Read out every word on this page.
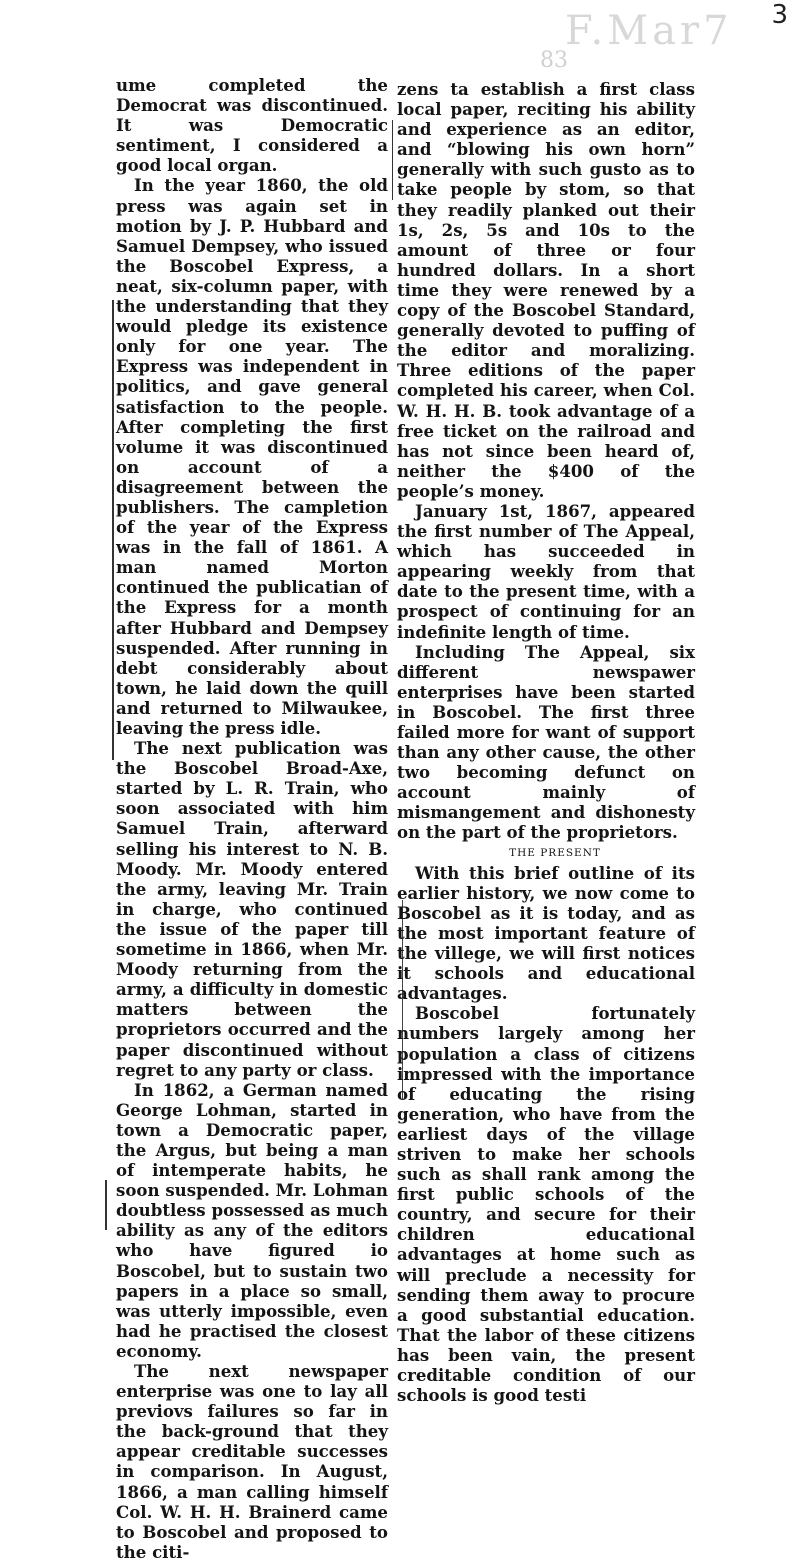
3
F.Mar7
83

ume completed the Democrat was discontinued. It was Democratic sentiment, I considered a good local organ.

In the year 1860, the old press was again set in motion by J. P. Hubbard and Samuel Dempsey, who issued the Boscobel Express, a neat, six-column paper, with the understanding that they would pledge its existence only for one year. The Express was independent in politics, and gave general satisfaction to the people. After completing the first volume it was discontinued on account of a disagreement between the publishers. The campletion of the year of the Express was in the fall of 1861. A man named Morton continued the publicatian of the Express for a month after Hubbard and Dempsey suspended. After running in debt considerably about town, he laid down the quill and returned to Milwaukee, leaving the press idle.

The next publication was the Boscobel Broad-Axe, started by L. R. Train, who soon associated with him Samuel Train, afterward selling his interest to N. B. Moody. Mr. Moody entered the army, leaving Mr. Train in charge, who continued the issue of the paper till sometime in 1866, when Mr. Moody returning from the army, a difficulty in domestic matters between the proprietors occurred and the paper discontinued without regret to any party or class.

In 1862, a German named George Lohman, started in town a Democratic paper, the Argus, but being a man of intemperate habits, he soon suspended. Mr. Lohman doubtless possessed as much ability as any of the editors who have figured io Boscobel, but to sustain two papers in a place so small, was utterly impossible, even had he practised the closest economy.

The next newspaper enterprise was one to lay all previovs failures so far in the back-ground that they appear creditable successes in comparison. In August, 1866, a man calling himself Col. W. H. H. Brainerd came to Boscobel and proposed to the citi-

zens ta establish a first class local paper, reciting his ability and experience as an editor, and “blowing his own horn” generally with such gusto as to take people by stom, so that they readily planked out their 1s, 2s, 5s and 10s to the amount of three or four hundred dollars. In a short time they were renewed by a copy of the Boscobel Standard, generally devoted to puffing of the editor and moralizing. Three editions of the paper completed his career, when Col. W. H. H. B. took advantage of a free ticket on the railroad and has not since been heard of, neither the $400 of the people’s money.

January 1st, 1867, appeared the first number of The Appeal, which has succeeded in appearing weekly from that date to the present time, with a prospect of continuing for an indefinite length of time.

Including The Appeal, six different newspawer enterprises have been started in Boscobel. The first three failed more for want of support than any other cause, the other two becoming defunct on account mainly of mismangement and dishonesty on the part of the proprietors.

THE PRESENT

With this brief outline of its earlier history, we now come to Boscobel as it is today, and as the most important feature of the villege, we will first notices it schools and educational advantages.

Boscobel fortunately numbers largely among her population a class of citizens impressed with the importance of educating the rising generation, who have from the earliest days of the village striven to make her schools such as shall rank among the first public schools of the country, and secure for their children educational advantages at home such as will preclude a necessity for sending them away to procure a good substantial education. That the labor of these citizens has been vain, the present creditable condition of our schools is good testi
